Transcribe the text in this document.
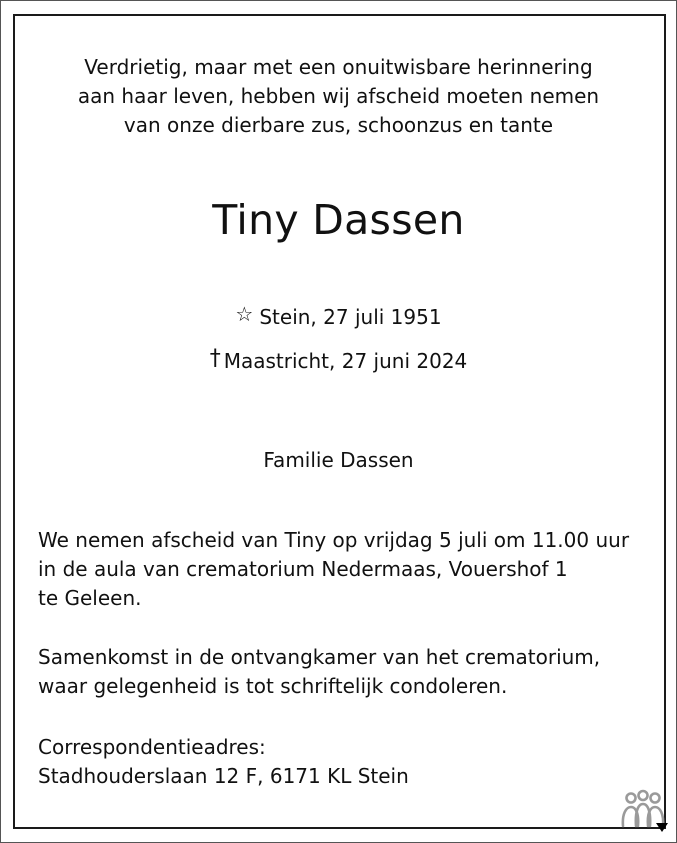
Verdrietig, maar met een onuitwisbare herinnering
aan haar leven, hebben wij afscheid moeten nemen
van onze dierbare zus, schoonzus en tante
Tiny Dassen
☆ Stein, 27 juli 1951
† Maastricht, 27 juni 2024
Familie Dassen
We nemen afscheid van Tiny op vrijdag 5 juli om 11.00 uur
in de aula van crematorium Nedermaas, Vouershof 1
te Geleen.
Samenkomst in de ontvangkamer van het crematorium,
waar gelegenheid is tot schriftelijk condoleren.
Correspondentieadres:
Stadhouderslaan 12 F, 6171 KL Stein
